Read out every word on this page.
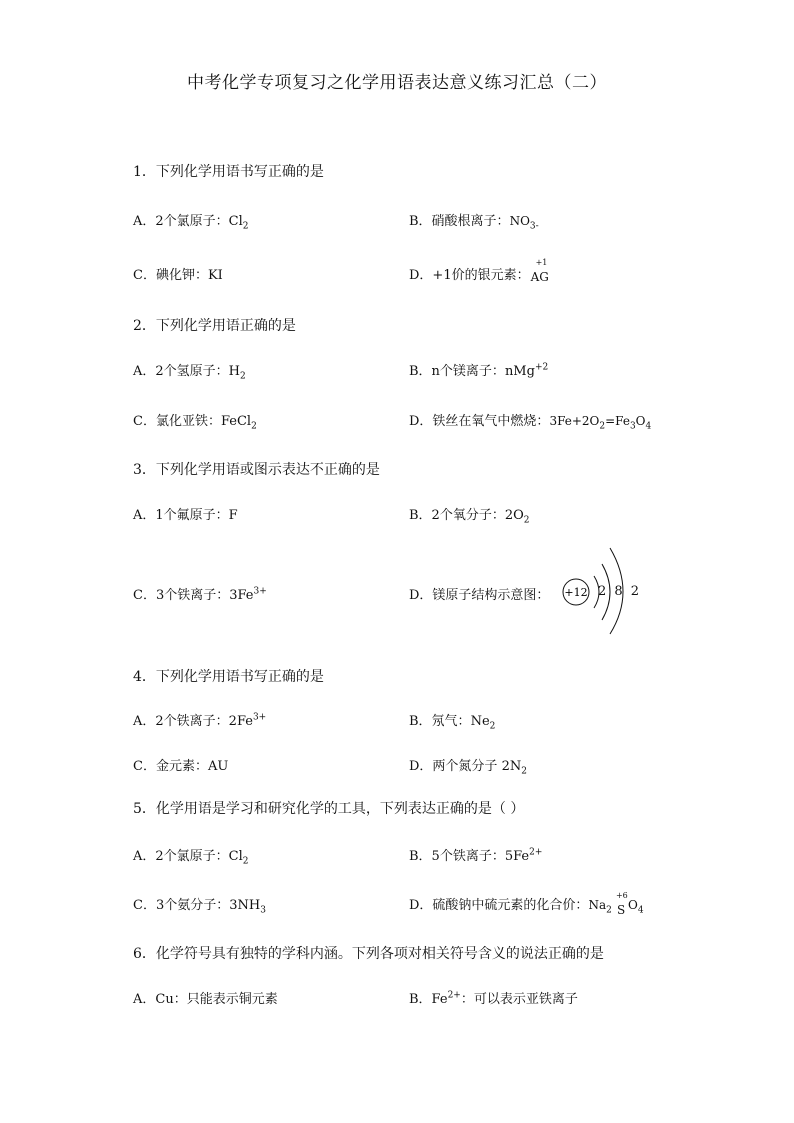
中考化学专项复习之化学用语表达意义练习汇总（二）
1．下列化学用语书写正确的是
A．2个氯原子：$Cl_2$	B．硝酸根离子：$NO_{3-}$
C．碘化钾：KI	D．+1价的银元素：
+1
AG
2．下列化学用语正确的是
A．2个氢原子：$H_2$	B．n个镁离子：nMg$^{+2}$
C．氯化亚铁：FeCl$_2$	D．铁丝在氧气中燃烧：$3Fe+2O_2=Fe_3O_4$
3．下列化学用语或图示表达不正确的是
A．1个氟原子：F	B．2个氧分子：$2O_2$
C．3个铁离子：$3Fe^{3+}$	D．镁原子结构示意图： +12 2 8 2
4．下列化学用语书写正确的是
A．2个铁离子：$2Fe^{3+}$	B．氖气：$Ne_2$
C．金元素：AU	D．两个氮分子 $2N_2$
5．化学用语是学习和研究化学的工具，下列表达正确的是（ ）
A．2个氯原子：$Cl_2$	B．5个铁离子：$5Fe^{2+}$
C．3个氨分子：$3NH_3$	D．硫酸钠中硫元素的化合价：$Na_2$
+6
S $O_4$
6．化学符号具有独特的学科内涵。下列各项对相关符号含义的说法正确的是
A．Cu：只能表示铜元素	B．$Fe^{2+}$：可以表示亚铁离子
